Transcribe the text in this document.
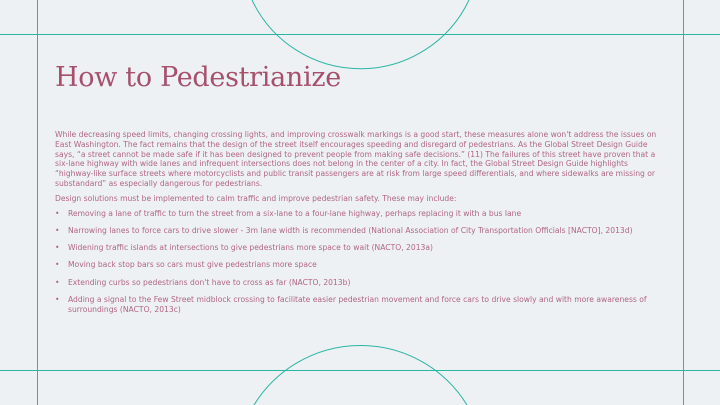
How to Pedestrianize

While decreasing speed limits, changing crossing lights, and improving crosswalk markings is a good start, these measures alone won't address the issues on East Washington. The fact remains that the design of the street itself encourages speeding and disregard of pedestrians. As the Global Street Design Guide says, “a street cannot be made safe if it has been designed to prevent people from making safe decisions.” (11) The failures of this street have proven that a six-lane highway with wide lanes and infrequent intersections does not belong in the center of a city. In fact, the Global Street Design Guide highlights “highway-like surface streets where motorcyclists and public transit passengers are at risk from large speed differentials, and where sidewalks are missing or substandard” as especially dangerous for pedestrians.

Design solutions must be implemented to calm traffic and improve pedestrian safety. These may include:

• Removing a lane of traffic to turn the street from a six-lane to a four-lane highway, perhaps replacing it with a bus lane
• Narrowing lanes to force cars to drive slower - 3m lane width is recommended (National Association of City Transportation Officials [NACTO], 2013d)
• Widening traffic islands at intersections to give pedestrians more space to wait (NACTO, 2013a)
• Moving back stop bars so cars must give pedestrians more space
• Extending curbs so pedestrians don't have to cross as far (NACTO, 2013b)
• Adding a signal to the Few Street midblock crossing to facilitate easier pedestrian movement and force cars to drive slowly and with more awareness of surroundings (NACTO, 2013c)
